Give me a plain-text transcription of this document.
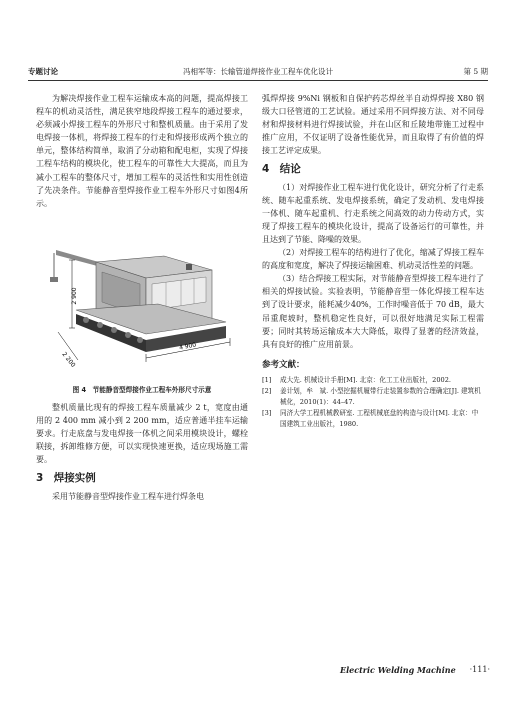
专题讨论	冯相军等：长输管道焊接作业工程车优化设计	第 5 期

为解决焊接作业工程车运输成本高的问题，提高焊接工程车的机动灵活性，满足狭窄地段焊接工程车的通过要求，必须减小焊接工程车的外形尺寸和整机质量。由于采用了发电焊接一体机，将焊接工程车的行走和焊接形成两个独立的单元，整体结构简单，取消了分动箱和配电柜，实现了焊接工程车结构的模块化，使工程车的可靠性大大提高，而且为减小工程车的整体尺寸，增加工程车的灵活性和实用性创造了先决条件。节能静音型焊接作业工程车外形尺寸如图4所示。

2 900
2 200
4 900
图 4　节能静音型焊接作业工程车外形尺寸示意

整机质量比现有的焊接工程车质量减少 2 t，宽度由通用的 2 400 mm 减小到 2 200 mm，适应普通半挂车运输要求。行走底盘与发电焊接一体机之间采用模块设计，螺栓联接，拆卸维修方便，可以实现快速更换，适应现场施工需要。

3　焊接实例

采用节能静音型焊接作业工程车进行焊条电

弧焊焊接 9%Ni 钢板和自保护药芯焊丝半自动焊焊接 X80 钢级大口径管道的工艺试验。通过采用不同焊接方法、对不同母材和焊接材料进行焊接试验，并在山区和丘陵地带施工过程中推广应用，不仅证明了设备性能优异，而且取得了有价值的焊接工艺评定成果。

4　结论

（1）对焊接作业工程车进行优化设计，研究分析了行走系统、随车起重系统、发电焊接系统，确定了发动机、发电焊接一体机、随车起重机、行走系统之间高效的动力传动方式，实现了焊接工程车的模块化设计，提高了设备运行的可靠性，并且达到了节能、降噪的效果。

（2）对焊接工程车的结构进行了优化，缩减了焊接工程车的高度和宽度，解决了焊接运输困难、机动灵活性差的问题。

（3）结合焊接工程实际，对节能静音型焊接工程车进行了相关的焊接试验。实验表明，节能静音型一体化焊接工程车达到了设计要求，能耗减少40%，工作时噪音低于 70 dB，最大吊重爬坡时，整机稳定性良好，可以很好地满足实际工程需要；同时其转场运输成本大大降低，取得了显著的经济效益，具有良好的推广应用前景。

参考文献：
[1]	成大先. 机械设计手册[M]. 北京：化工工业出版社，2002.
[2]	姜计划，牟　斌. 小型挖掘机履带行走装置参数的合理确定[J]. 建筑机械化，2010(1)：44–47.
[3]	同济大学工程机械教研室. 工程机械底盘的构造与设计[M]. 北京：中国建筑工业出版社，1980.
Electric Welding Machine ·111·
